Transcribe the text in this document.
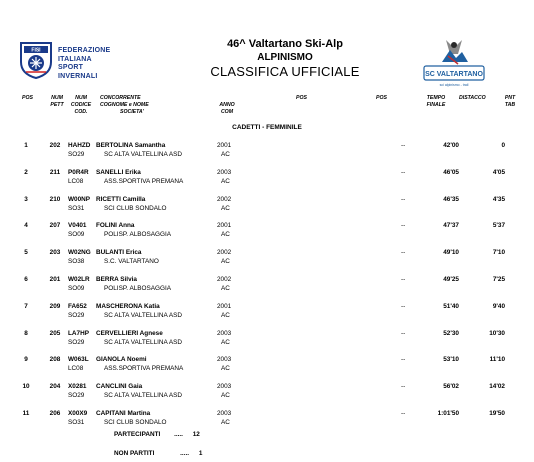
FISI FEDERAZIONE
ITALIANA
SPORT
INVERNALI
46^ Valtartano Ski-Alp
ALPINISMO
CLASSIFICA UFFICIALE	SC VALTARTANO
sci alpinismo - trail
POS	NUM
PETT
NUM
CODICE
COD.
CONCORRENTE
COGNOME e NOME
SOCIETA'
ANNO
COM
POS	POS	TEMPO
FINALE
DISTACCO	PNT
TAB
CADETTI - FEMMINILE
1	202	HAHZD BERTOLINA Samantha	2001	--	42'00	0
SO29	SC ALTA VALTELLINA ASD	AC
2	211	P0R4R SANELLI Erika	2003	--	46'05	4'05
LC08	ASS.SPORTIVA PREMANA	AC
3	210	W00NP RICETTI Camilla	2002	--	46'35	4'35
SO31	SCI CLUB SONDALO	AC
4	207	V0401 FOLINI Anna	2001	--	47'37	5'37
SO09	POLISP. ALBOSAGGIA	AC
5	203	W02NG BULANTI Erica	2002	--	49'10	7'10
SO38	S.C. VALTARTANO	AC
6	201	W02LR BERRA Silvia	2002	--	49'25	7'25
SO09	POLISP. ALBOSAGGIA	AC
7	209	FA652 MASCHERONA Katia	2001	--	51'40	9'40
SO29	SC ALTA VALTELLINA ASD	AC
8	205	LA7HP CERVELLIERI Agnese	2003	--	52'30	10'30
SO29	SC ALTA VALTELLINA ASD	AC
9	208	W063L GIANOLA Noemi	2003	--	53'10	11'10
LC08	ASS.SPORTIVA PREMANA	AC
10	204	X0281 CANCLINI Gaia	2003	--	56'02	14'02
SO29	SC ALTA VALTELLINA ASD	AC
11	206	X00X9 CAPITANI Martina	2003	--	1:01'50	19'50
SO31	SCI CLUB SONDALO	AC
PARTECIPANTI ..... 12
NON PARTITI	..... 1
